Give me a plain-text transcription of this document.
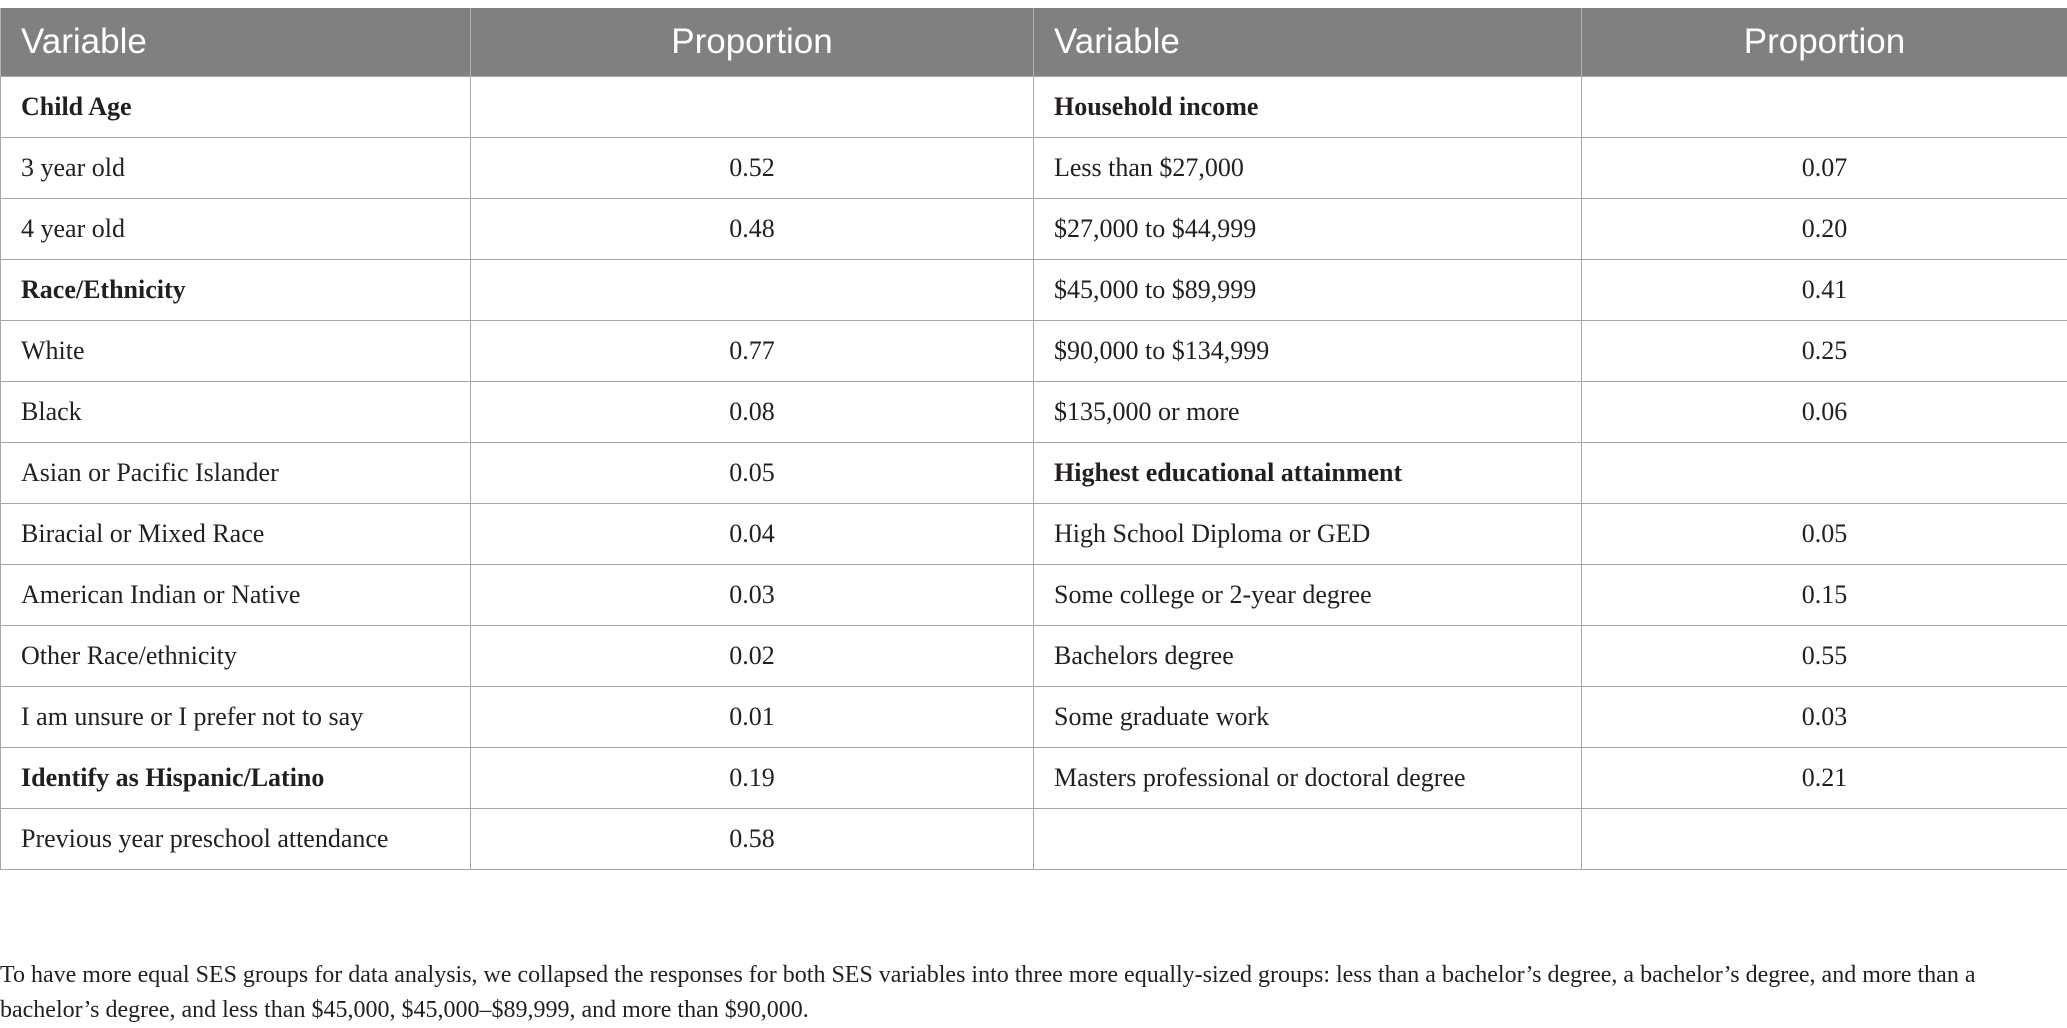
Variable	Proportion	Variable	Proportion
Child Age		Household income	
3 year old	0.52	Less than $27,000	0.07
4 year old	0.48	$27,000 to $44,999	0.20
Race/Ethnicity		$45,000 to $89,999	0.41
White	0.77	$90,000 to $134,999	0.25
Black	0.08	$135,000 or more	0.06
Asian or Pacific Islander	0.05	Highest educational attainment	
Biracial or Mixed Race	0.04	High School Diploma or GED	0.05
American Indian or Native	0.03	Some college or 2-year degree	0.15
Other Race/ethnicity	0.02	Bachelors degree	0.55
I am unsure or I prefer not to say	0.01	Some graduate work	0.03
Identify as Hispanic/Latino	0.19	Masters professional or doctoral degree	0.21
Previous year preschool attendance	0.58		

To have more equal SES groups for data analysis, we collapsed the responses for both SES variables into three more equally-sized groups: less than a bachelor’s degree, a bachelor’s degree, and more than a bachelor’s degree, and less than $45,000, $45,000–$89,999, and more than $90,000.
